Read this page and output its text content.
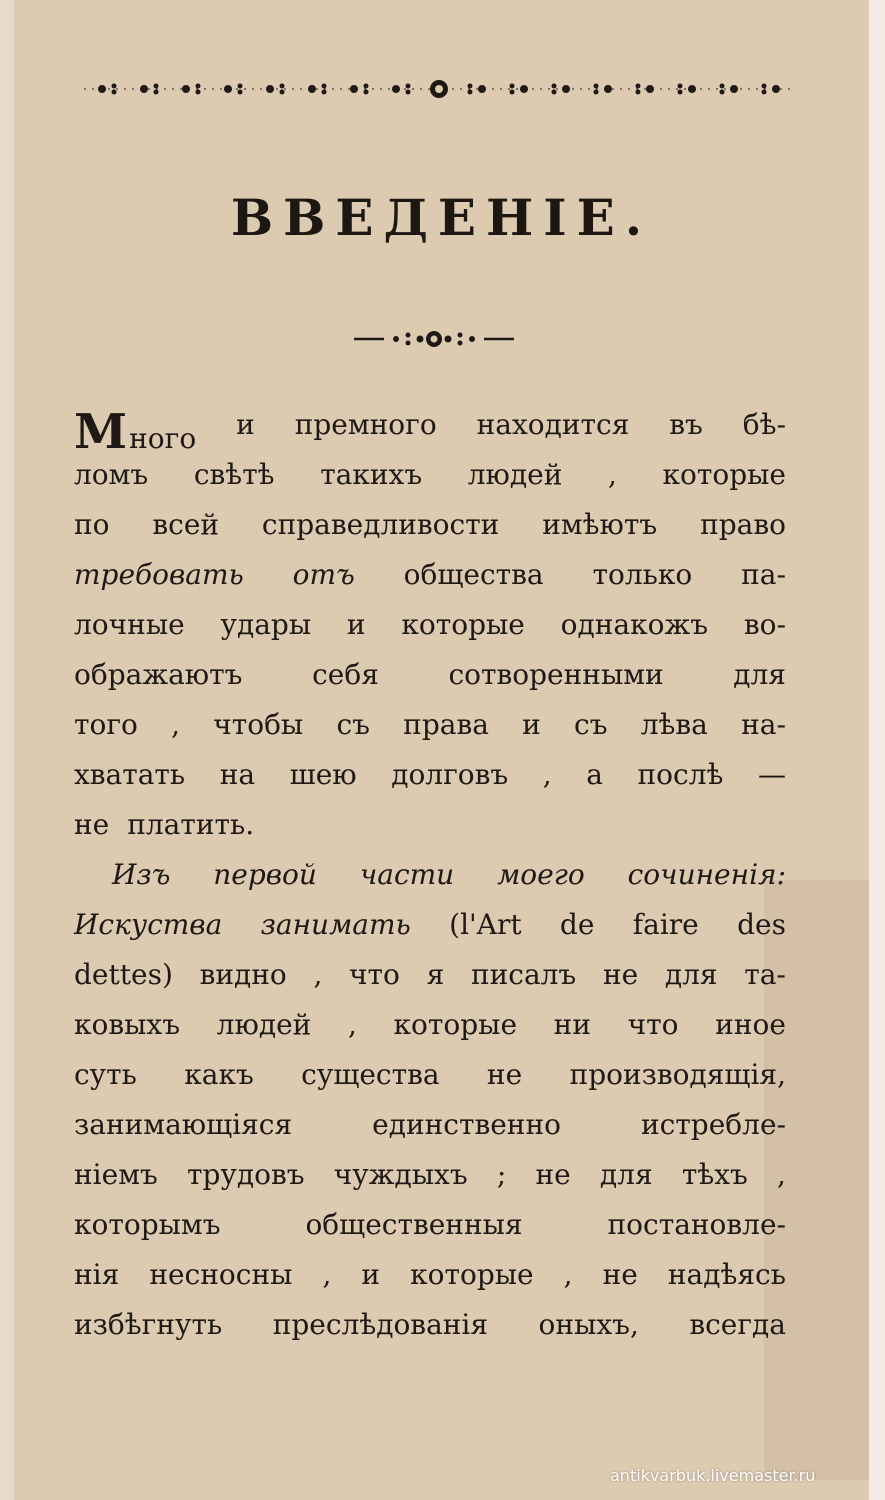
ВВЕДЕНІЕ.
Много и премного находится въ бѣ-
ломъ свѣтѣ такихъ людей , которые
по всей справедливости имѣютъ право
требовать отъ общества только па-
лочные удары и которые однакожъ во-
ображаютъ себя сотворенными для
того , чтобы съ права и съ лѣва на-
хватать на шею долговъ , а послѣ —
не платить.
Изъ первой части моего сочиненія:
Искуства занимать (l'Art de faire des
dettes) видно , что я писалъ не для та-
ковыхъ людей , которые ни что иное
суть какъ существа не производящія,
занимающіяся	единственно	истребле-
ніемъ трудовъ чуждыхъ ; не для тѣхъ ,
которымъ	общественныя	постановле-
нія несносны , и которые , не надѣясь
избѣгнуть преслѣдованія оныхъ, всегда
antikvarbuk.livemaster.ru
